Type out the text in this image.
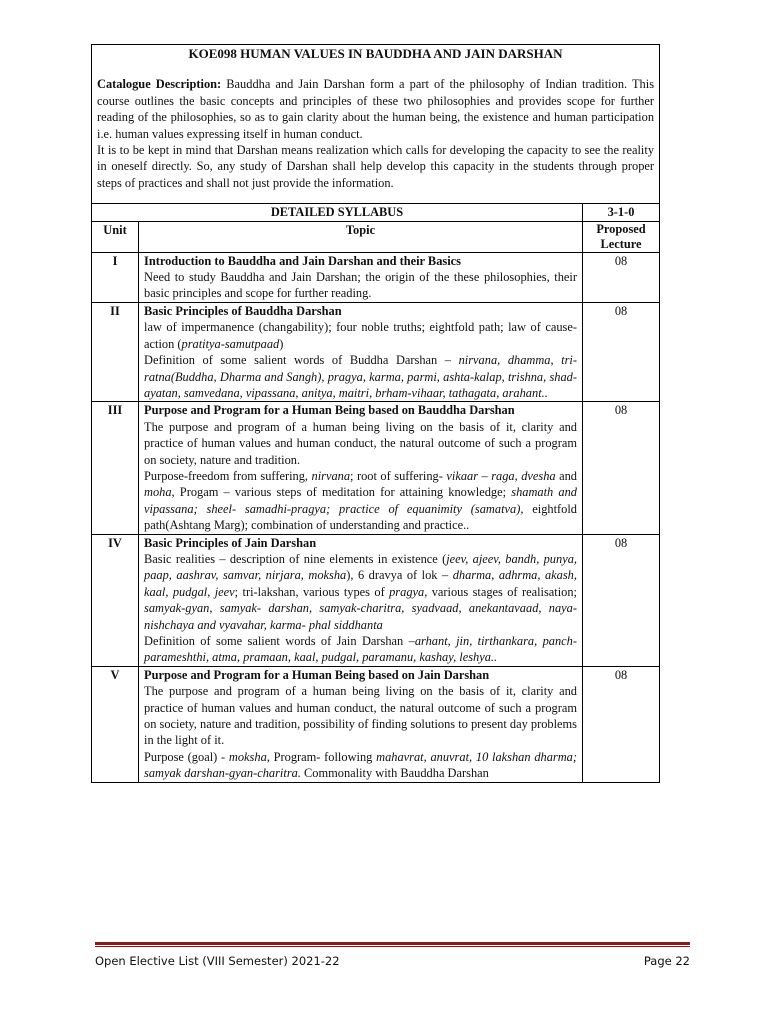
KOE098 HUMAN VALUES IN BAUDDHA AND JAIN DARSHAN

Catalogue Description: Bauddha and Jain Darshan form a part of the philosophy of Indian tradition. This course outlines the basic concepts and principles of these two philosophies and provides scope for further reading of the philosophies, so as to gain clarity about the human being, the existence and human participation i.e. human values expressing itself in human conduct.

It is to be kept in mind that Darshan means realization which calls for developing the capacity to see the reality in oneself directly. So, any study of Darshan shall help develop this capacity in the students through proper steps of practices and shall not just provide the information.		

DETAILED SYLLABUS		3-1-0
Unit	Topic	Proposed Lecture
I	Introduction to Bauddha and Jain Darshan and their Basics
Need to study Bauddha and Jain Darshan; the origin of the these philosophies, their basic principles and scope for further reading.	08
II	Basic Principles of Bauddha Darshan
law of impermanence (changability); four noble truths; eightfold path; law of cause- action (pratitya-samutpaad)
Definition of some salient words of Buddha Darshan – nirvana, dhamma, tri- ratna(Buddha, Dharma and Sangh), pragya, karma, parmi, ashta-kalap, trishna, shad-ayatan, samvedana, vipassana, anitya, maitri, brham-vihaar, tathagata, arahant..	08
III	Purpose and Program for a Human Being based on Bauddha Darshan
The purpose and program of a human being living on the basis of it, clarity and practice of human values and human conduct, the natural outcome of such a program on society, nature and tradition.
Purpose-freedom from suffering, nirvana; root of suffering- vikaar – raga, dvesha and moha, Progam – various steps of meditation for attaining knowledge; shamath and vipassana; sheel- samadhi-pragya; practice of equanimity (samatva), eightfold path(Ashtang Marg); combination of understanding and practice..	08
IV	Basic Principles of Jain Darshan
Basic realities – description of nine elements in existence (jeev, ajeev, bandh, punya, paap, aashrav, samvar, nirjara, moksha), 6 dravya of lok – dharma, adhrma, akash, kaal, pudgal, jeev; tri-lakshan, various types of pragya, various stages of realisation; samyak-gyan, samyak- darshan, samyak-charitra, syadvaad, anekantavaad, naya- nishchaya and vyavahar, karma- phal siddhanta
Definition of some salient words of Jain Darshan –arhant, jin, tirthankara, panch- parameshthi, atma, pramaan, kaal, pudgal, paramanu, kashay, leshya..	08
V	Purpose and Program for a Human Being based on Jain Darshan
The purpose and program of a human being living on the basis of it, clarity and practice of human values and human conduct, the natural outcome of such a program on society, nature and tradition, possibility of finding solutions to present day problems in the light of it.
Purpose (goal) - moksha, Program- following mahavrat, anuvrat, 10 lakshan dharma; samyak darshan-gyan-charitra. Commonality with Bauddha Darshan	08
Open Elective List (VIII Semester) 2021-22	Page 22
